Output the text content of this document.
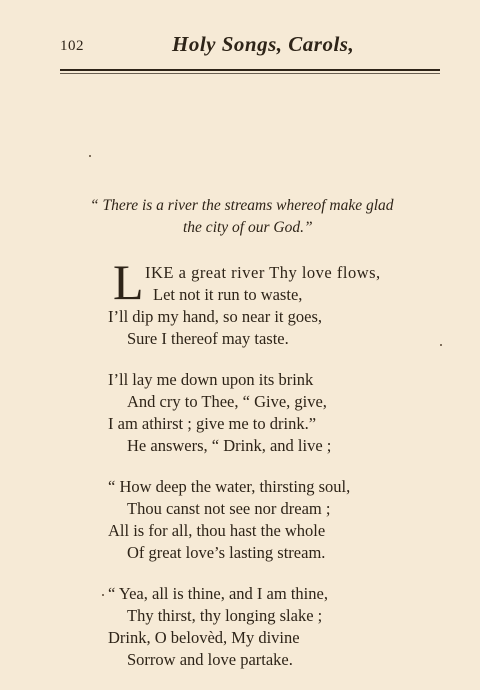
102	Holy Songs, Carols,
“ There is a river the streams whereof make glad
the city of our God.”
L IKE a great river Thy love flows,
Let not it run to waste,
I’ll dip my hand, so near it goes,
Sure I thereof may taste.
I’ll lay me down upon its brink
And cry to Thee, “ Give, give,
I am athirst ; give me to drink.”
He answers, “ Drink, and live ;
“ How deep the water, thirsting soul,
Thou canst not see nor dream ;
All is for all, thou hast the whole
Of great love’s lasting stream.
“ Yea, all is thine, and I am thine,
Thy thirst, thy longing slake ;
Drink, O belovèd, My divine
Sorrow and love partake.
